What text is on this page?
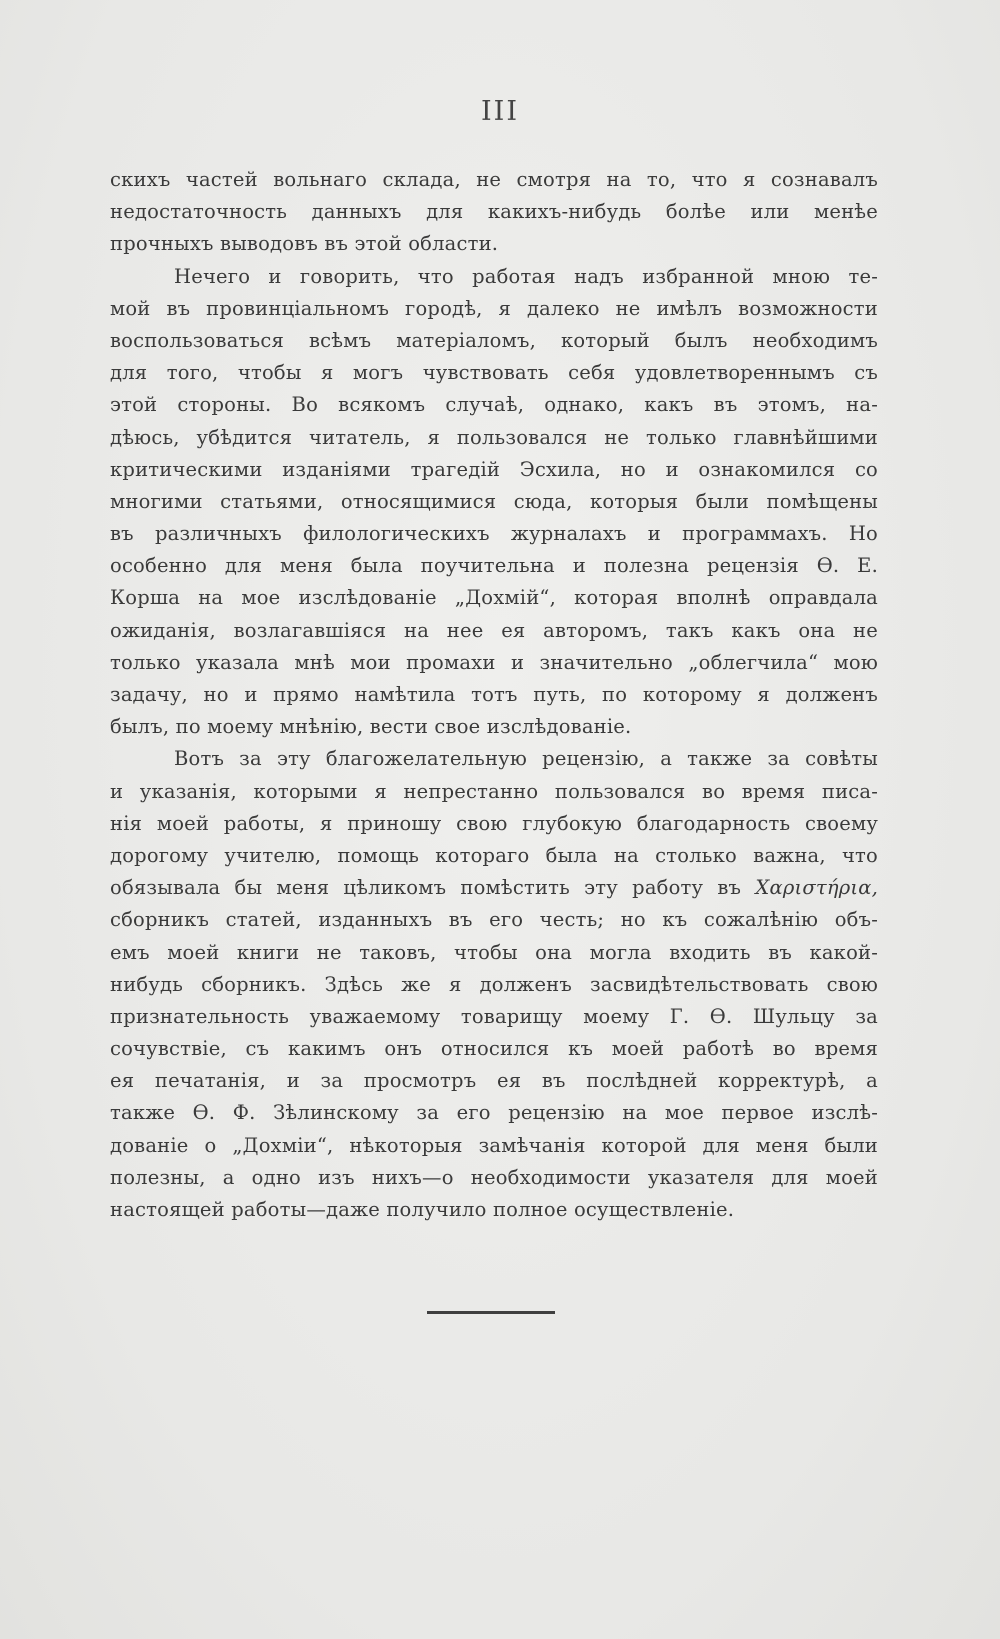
III
скихъ частей вольнаго склада, не смотря на то, что я сознавалъ
недостаточность данныхъ для какихъ-нибудь болѣе или менѣе
прочныхъ выводовъ въ этой области.
Нечего и говорить, что работая надъ избранной мною те-
мой въ провинціальномъ городѣ, я далеко не имѣлъ возможности
воспользоваться всѣмъ матеріаломъ, который былъ необходимъ
для того, чтобы я могъ чувствовать себя удовлетвореннымъ съ
этой стороны. Во всякомъ случаѣ, однако, какъ въ этомъ, на-
дѣюсь, убѣдится читатель, я пользовался не только главнѣйшими
критическими изданіями трагедій Эсхила, но и ознакомился со
многими статьями, относящимися сюда, которыя были помѣщены
въ различныхъ филологическихъ журналахъ и программахъ. Но
особенно для меня была поучительна и полезна рецензія Ѳ. Е.
Корша на мое изслѣдованіе „Дохмій“, которая вполнѣ оправдала
ожиданія, возлагавшіяся на нее ея авторомъ, такъ какъ она не
только указала мнѣ мои промахи и значительно „облегчила“ мою
задачу, но и прямо намѣтила тотъ путь, по которому я долженъ
былъ, по моему мнѣнію, вести свое изслѣдованіе.
Вотъ за эту благожелательную рецензію, а также за совѣты
и указанія, которыми я непрестанно пользовался во время писа-
нія моей работы, я приношу свою глубокую благодарность своему
дорогому учителю, помощь котораго была на столько важна, что
обязывала бы меня цѣликомъ помѣстить эту работу въ Χαριστήρια,
сборникъ статей, изданныхъ въ его честь; но къ сожалѣнію объ-
емъ моей книги не таковъ, чтобы она могла входить въ какой-
нибудь сборникъ. Здѣсь же я долженъ засвидѣтельствовать свою
признательность уважаемому товарищу моему Г. Ѳ. Шульцу за
сочувствіе, съ какимъ онъ относился къ моей работѣ во время
ея печатанія, и за просмотръ ея въ послѣдней корректурѣ, а
также Ѳ. Ф. Зѣлинскому за его рецензію на мое первое изслѣ-
дованіе о „Дохміи“, нѣкоторыя замѣчанія которой для меня были
полезны, а одно изъ нихъ—о необходимости указателя для моей
настоящей работы—даже получило полное осуществленіе.
